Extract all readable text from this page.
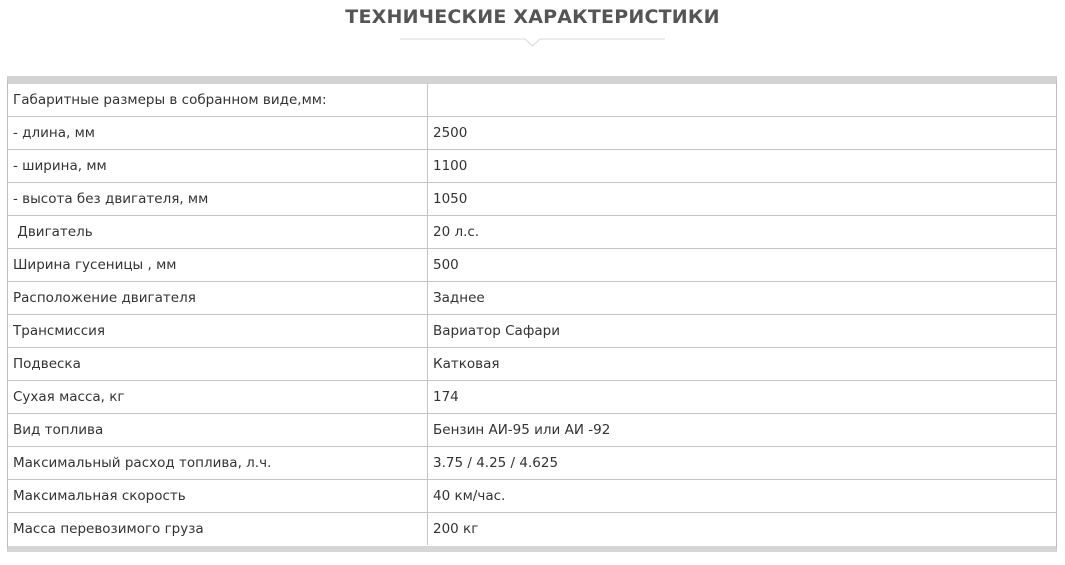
ТЕХНИЧЕСКИЕ ХАРАКТЕРИСТИКИ
Габаритные размеры в собранном виде,мм:	
- длина, мм	2500
- ширина, мм	1100
- высота без двигателя, мм	1050
Двигатель	20 л.с.
Ширина гусеницы , мм	500
Расположение двигателя	Заднее
Трансмиссия	Вариатор Сафари
Подвеска	Катковая
Сухая масса, кг	174
Вид топлива	Бензин АИ-95 или АИ -92
Максимальный расход топлива, л.ч.	3.75 / 4.25 / 4.625
Максимальная скорость	40 км/час.
Масса перевозимого груза	200 кг
